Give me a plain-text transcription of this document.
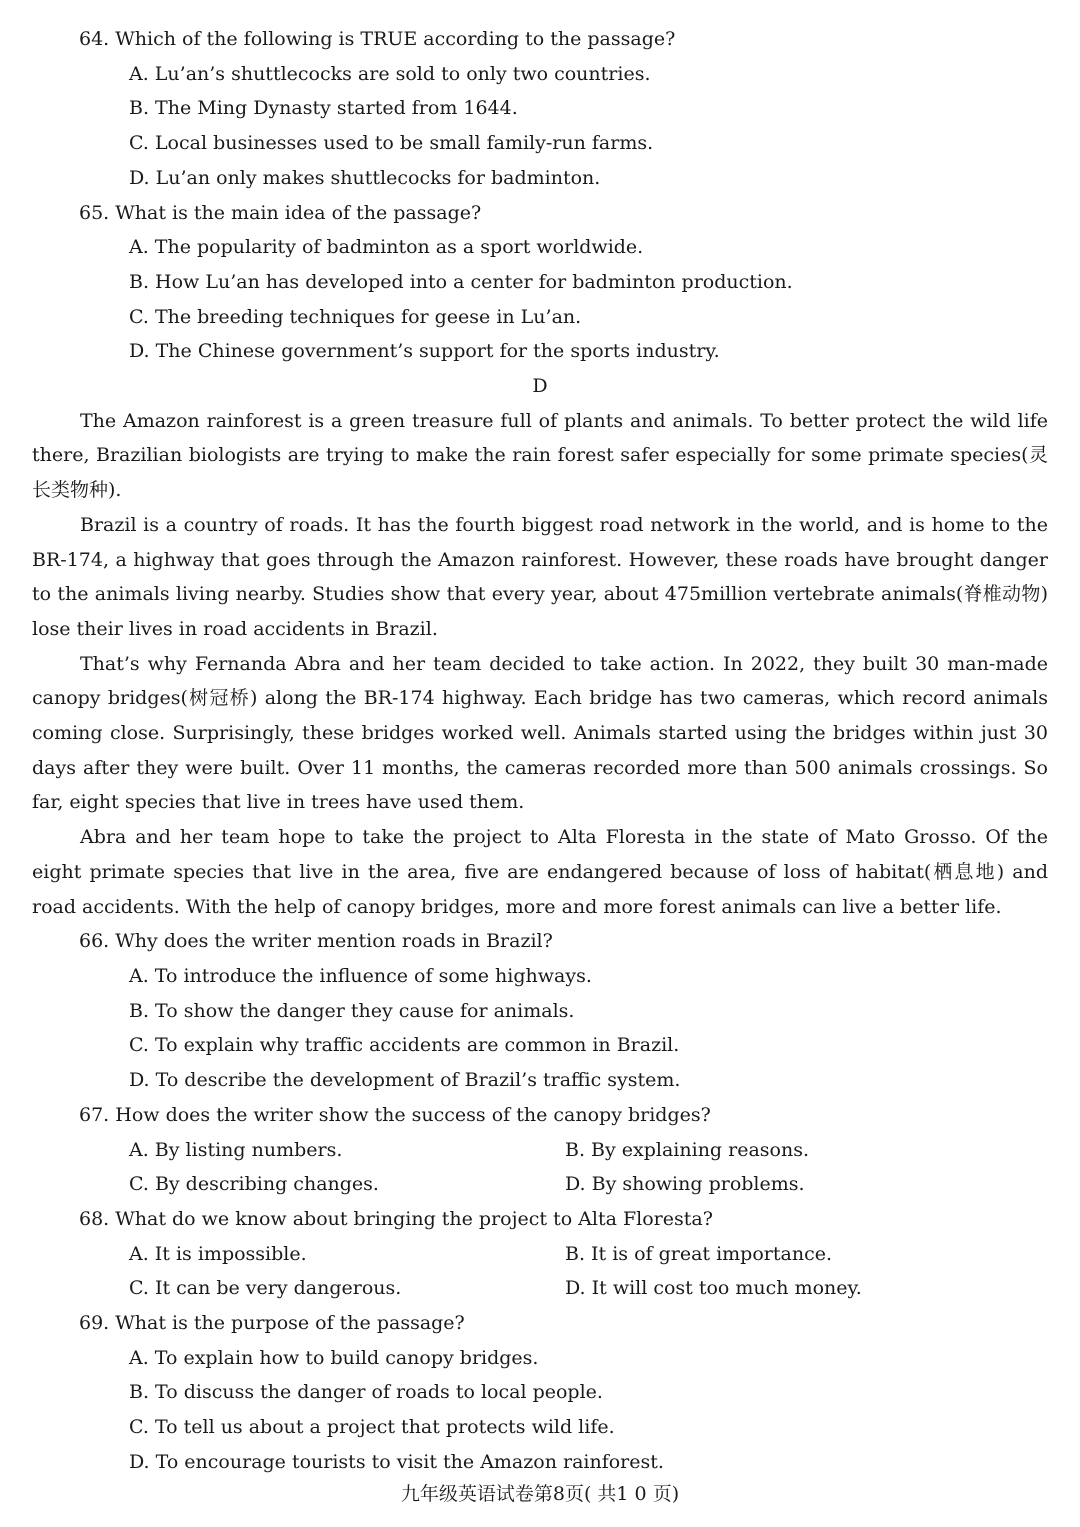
64. Which of the following is TRUE according to the passage?
A. Lu’an’s shuttlecocks are sold to only two countries.
B. The Ming Dynasty started from 1644.
C. Local businesses used to be small family-run farms.
D. Lu’an only makes shuttlecocks for badminton.
65. What is the main idea of the passage?
A. The popularity of badminton as a sport worldwide.
B. How Lu’an has developed into a center for badminton production.
C. The breeding techniques for geese in Lu’an.
D. The Chinese government’s support for the sports industry.
D

The Amazon rainforest is a green treasure full of plants and animals. To better protect the wild life there, Brazilian biologists are trying to make the rain forest safer especially for some primate species(灵长类物种).

Brazil is a country of roads. It has the fourth biggest road network in the world, and is home to the BR-174, a highway that goes through the Amazon rainforest. However, these roads have brought danger to the animals living nearby. Studies show that every year, about 475million vertebrate animals(脊椎动物) lose their lives in road accidents in Brazil.

That’s why Fernanda Abra and her team decided to take action. In 2022, they built 30 man-made canopy bridges(树冠桥) along the BR-174 highway. Each bridge has two cameras, which record animals coming close. Surprisingly, these bridges worked well. Animals started using the bridges within just 30 days after they were built. Over 11 months, the cameras recorded more than 500 animals crossings. So far, eight species that live in trees have used them.

Abra and her team hope to take the project to Alta Floresta in the state of Mato Grosso. Of the eight primate species that live in the area, five are endangered because of loss of habitat(栖息地) and road accidents. With the help of canopy bridges, more and more forest animals can live a better life.

66. Why does the writer mention roads in Brazil?
A. To introduce the influence of some highways.
B. To show the danger they cause for animals.
C. To explain why traffic accidents are common in Brazil.
D. To describe the development of Brazil’s traffic system.
67. How does the writer show the success of the canopy bridges?
A. By listing numbers.	B. By explaining reasons.
C. By describing changes.	D. By showing problems.
68. What do we know about bringing the project to Alta Floresta?
A. It is impossible.	B. It is of great importance.
C. It can be very dangerous.	D. It will cost too much money.
69. What is the purpose of the passage?
A. To explain how to build canopy bridges.
B. To discuss the danger of roads to local people.
C. To tell us about a project that protects wild life.
D. To encourage tourists to visit the Amazon rainforest.
九年级英语试卷第8页( 共1 0 页)
